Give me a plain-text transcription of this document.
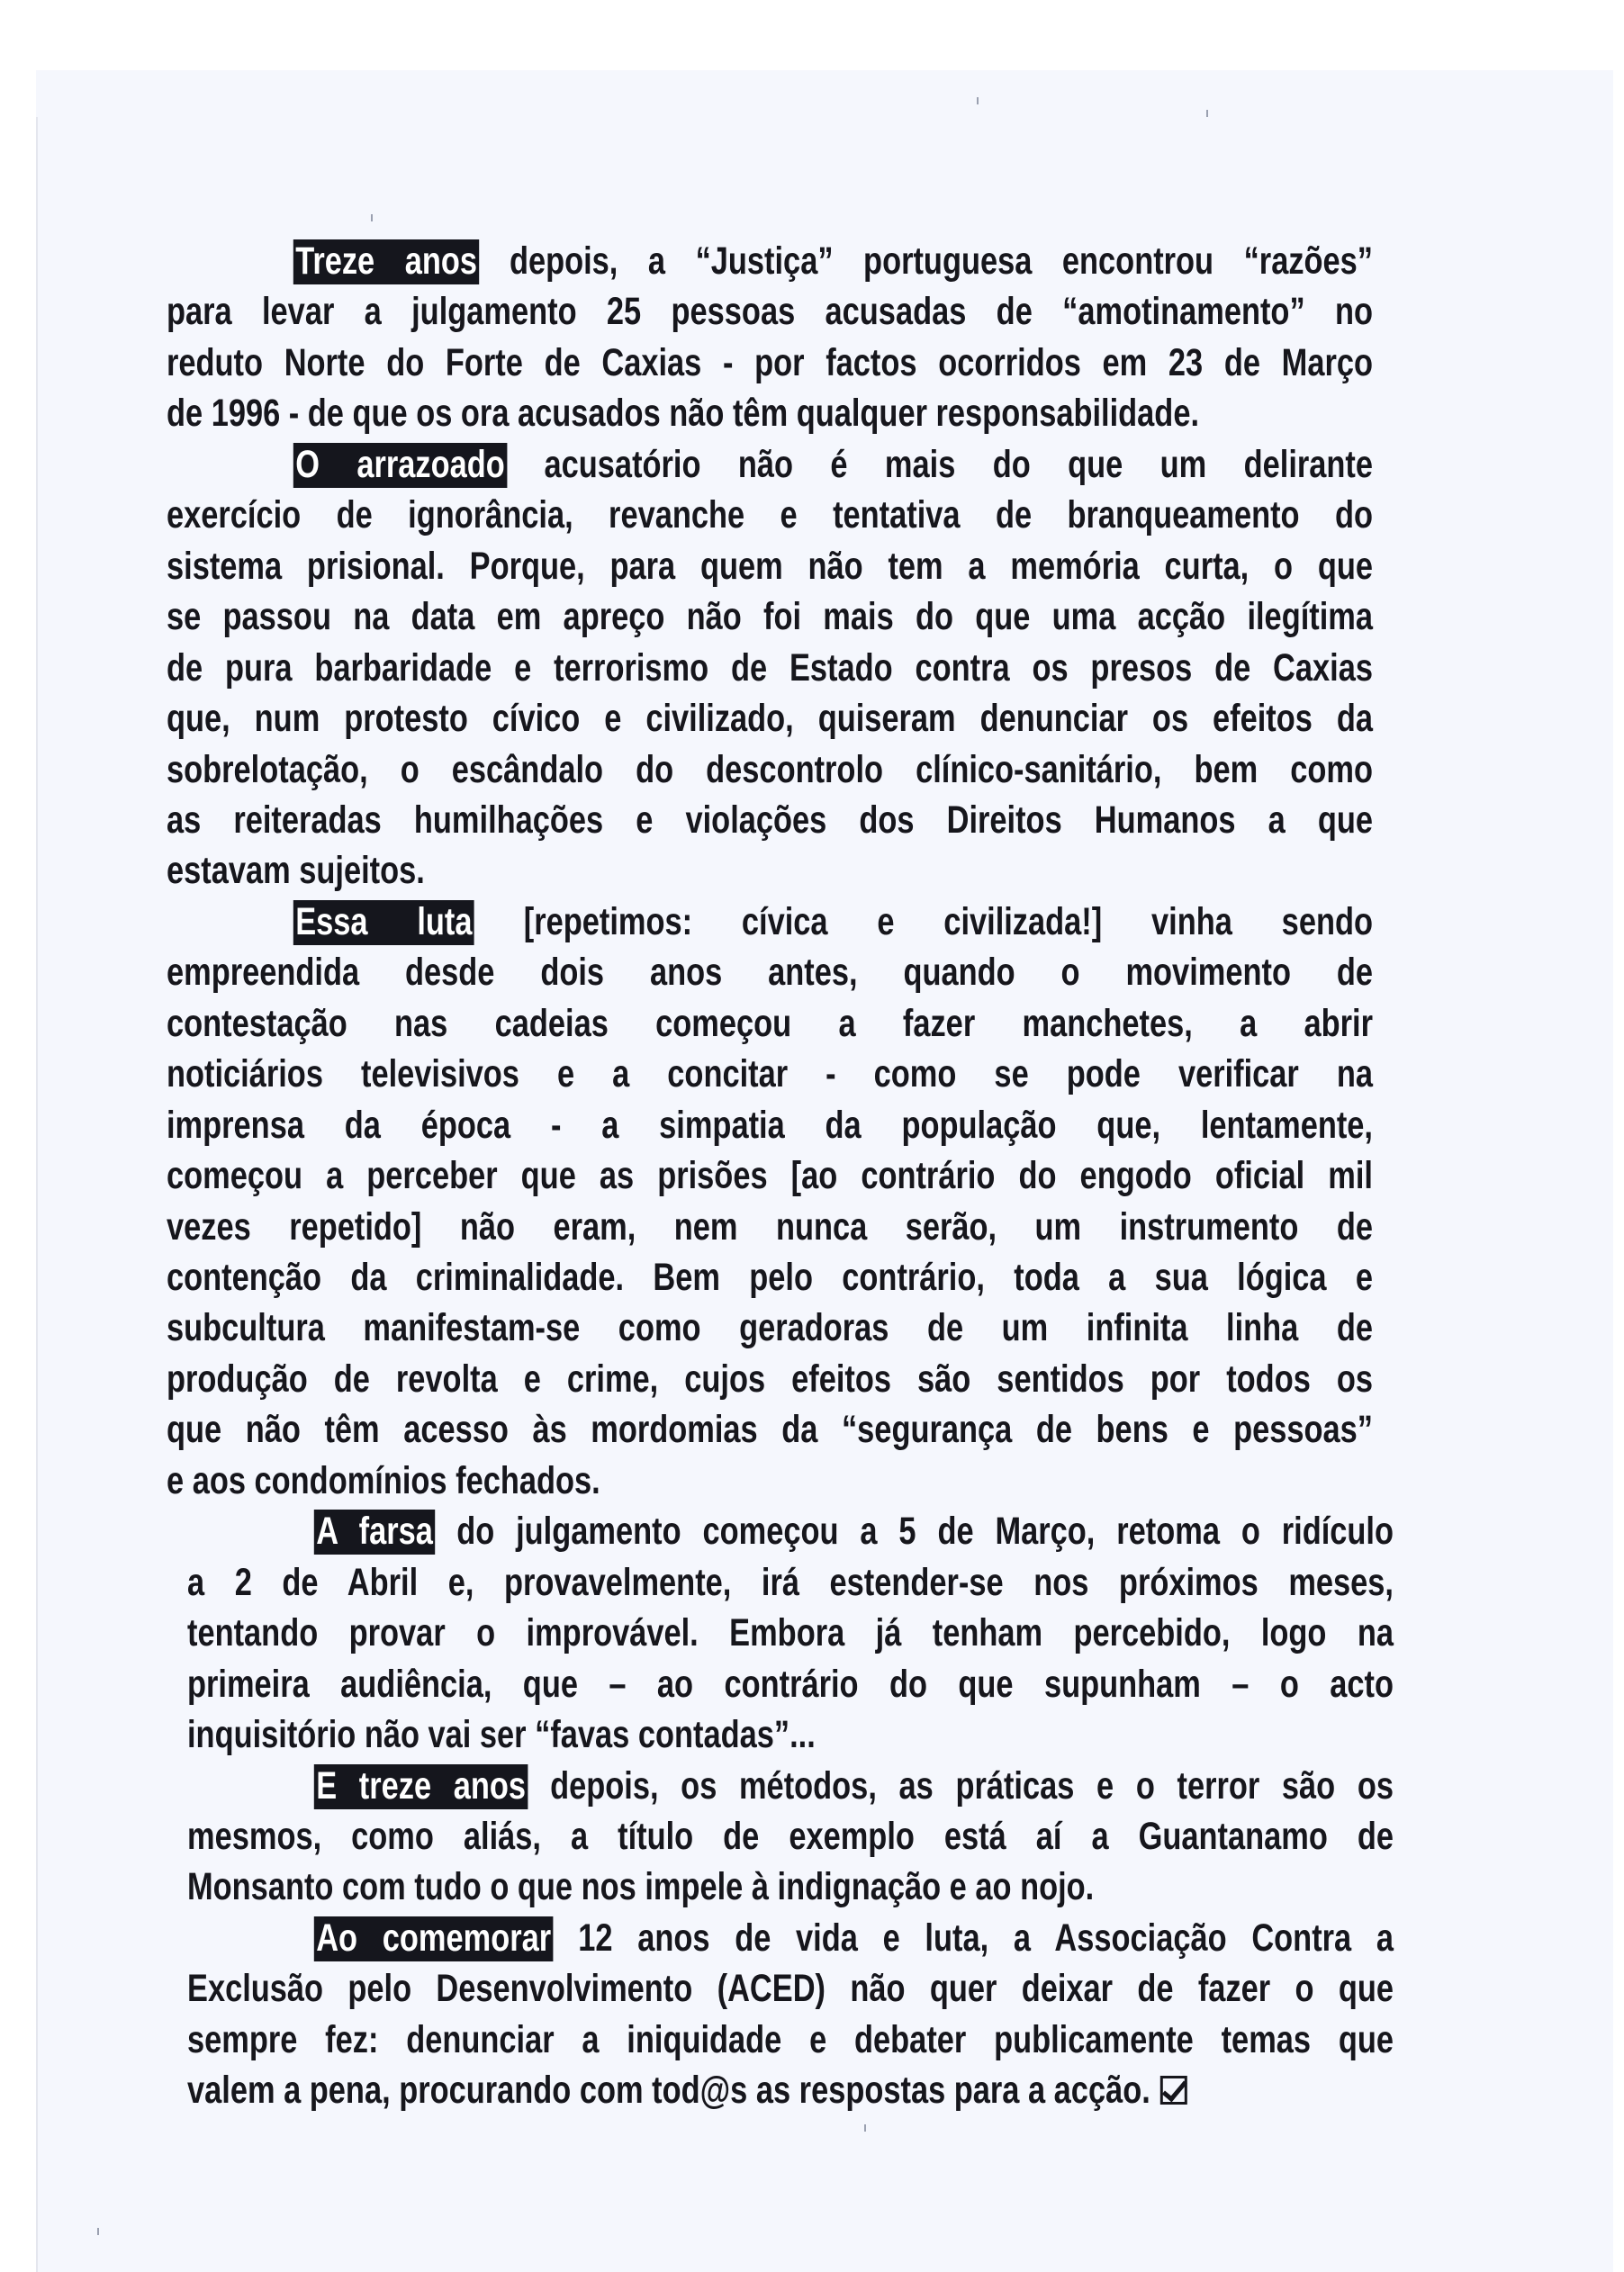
Treze anos depois, a “Justiça” portuguesa encontrou “razões”
para levar a julgamento 25 pessoas acusadas de “amotinamento” no
reduto Norte do Forte de Caxias - por factos ocorridos em 23 de Março
de 1996 - de que os ora acusados não têm qualquer responsabilidade.
O arrazoado acusatório não é mais do que um delirante
exercício de ignorância, revanche e tentativa de branqueamento do
sistema prisional. Porque, para quem não tem a memória curta, o que
se passou na data em apreço não foi mais do que uma acção ilegítima
de pura barbaridade e terrorismo de Estado contra os presos de Caxias
que, num protesto cívico e civilizado, quiseram denunciar os efeitos da
sobrelotação, o escândalo do descontrolo clínico-sanitário, bem como
as reiteradas humilhações e violações dos Direitos Humanos a que
estavam sujeitos.
Essa luta [repetimos: cívica e civilizada!] vinha sendo
empreendida desde dois anos antes, quando o movimento de
contestação nas cadeias começou a fazer manchetes, a abrir
noticiários televisivos e a concitar - como se pode verificar na
imprensa da época - a simpatia da população que, lentamente,
começou a perceber que as prisões [ao contrário do engodo oficial mil
vezes repetido] não eram, nem nunca serão, um instrumento de
contenção da criminalidade. Bem pelo contrário, toda a sua lógica e
subcultura manifestam-se como geradoras de um infinita linha de
produção de revolta e crime, cujos efeitos são sentidos por todos os
que não têm acesso às mordomias da “segurança de bens e pessoas”
e aos condomínios fechados.
A farsa do julgamento começou a 5 de Março, retoma o ridículo
a 2 de Abril e, provavelmente, irá estender-se nos próximos meses,
tentando provar o improvável. Embora já tenham percebido, logo na
primeira audiência, que – ao contrário do que supunham – o acto
inquisitório não vai ser “favas contadas”...
E treze anos depois, os métodos, as práticas e o terror são os
mesmos, como aliás, a título de exemplo está aí a Guantanamo de
Monsanto com tudo o que nos impele à indignação e ao nojo.
Ao comemorar 12 anos de vida e luta, a Associação Contra a
Exclusão pelo Desenvolvimento (ACED) não quer deixar de fazer o que
sempre fez: denunciar a iniquidade e debater publicamente temas que
valem a pena, procurando com tod@s as respostas para a acção.
